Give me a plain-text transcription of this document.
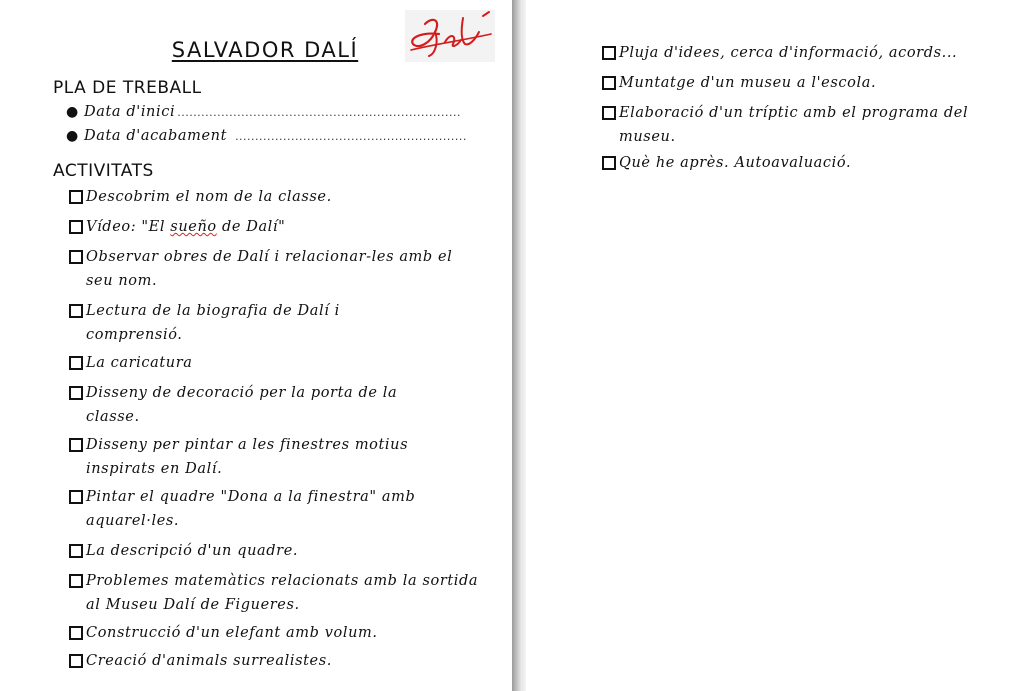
SALVADOR DALÍ
PLA DE TREBALL
● Data d'inici .......................................................................
● Data d'acabament ..........................................................
ACTIVITATS
Descobrim el nom de la classe.
Vídeo: "El sueño de Dalí"
Observar obres de Dalí i relacionar-les amb el seu nom.
Lectura de la biografia de Dalí i comprensió.
La caricatura
Disseny de decoració per la porta de la classe.
Disseny per pintar a les finestres motius inspirats en Dalí.
Pintar el quadre "Dona a la finestra" amb aquarel·les.
La descripció d'un quadre.
Problemes matemàtics relacionats amb la sortida al Museu Dalí de Figueres.
Construcció d'un elefant amb volum.
Creació d'animals surrealistes.
Pluja d'idees, cerca d'informació, acords...
Muntatge d'un museu a l'escola.
Elaboració d'un tríptic amb el programa del museu.
Què he après. Autoavaluació.
